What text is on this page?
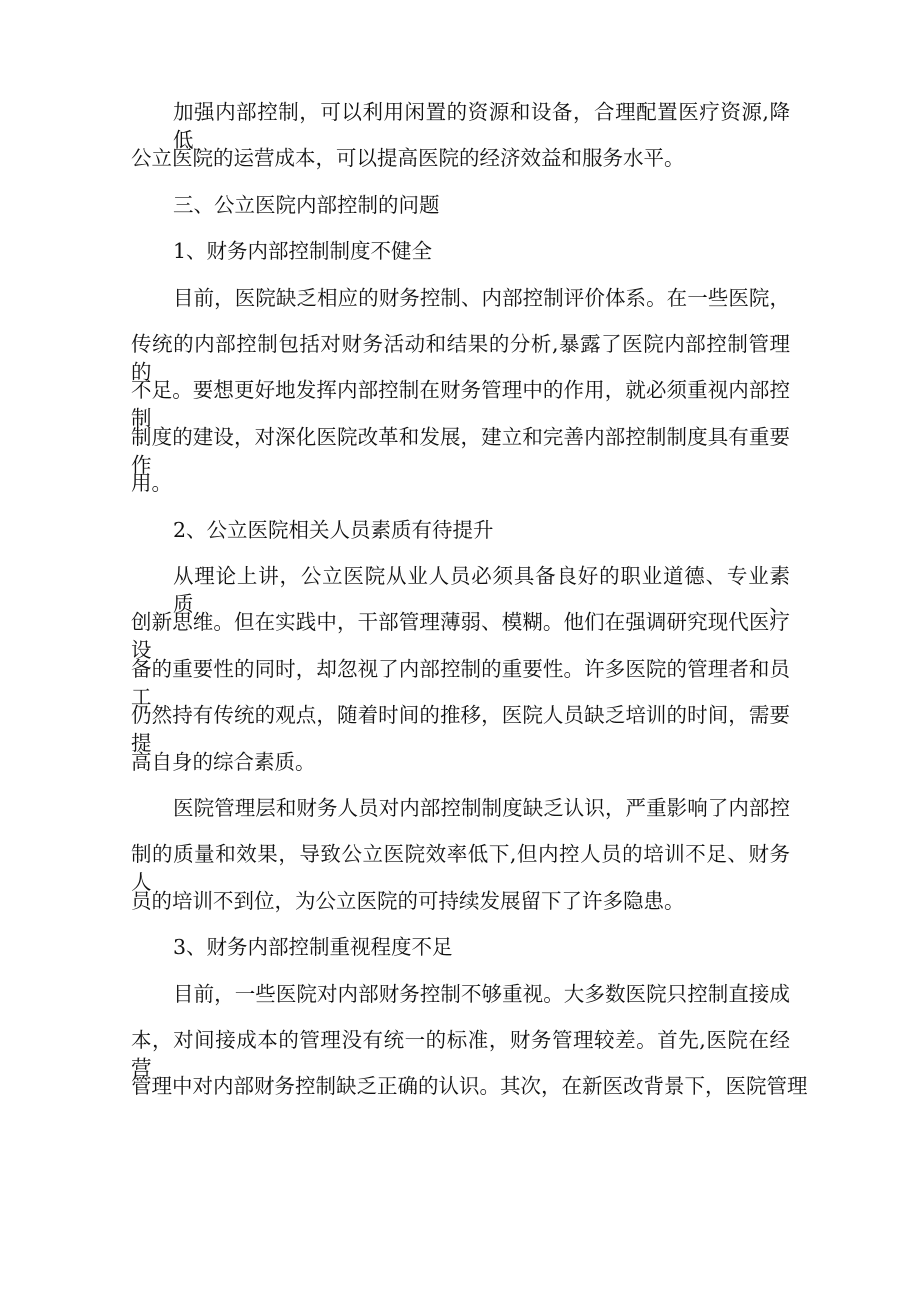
加强内部控制，可以利用闲置的资源和设备，合理配置医疗资源,降低
公立医院的运营成本，可以提高医院的经济效益和服务水平。
三、公立医院内部控制的问题
1、财务内部控制制度不健全
目前，医院缺乏相应的财务控制、内部控制评价体系。在一些医院，
传统的内部控制包括对财务活动和结果的分析,暴露了医院内部控制管理的
不足。要想更好地发挥内部控制在财务管理中的作用，就必须重视内部控制
制度的建设，对深化医院改革和发展，建立和完善内部控制制度具有重要作
用。
2、公立医院相关人员素质有待提升
从理论上讲，公立医院从业人员必须具备良好的职业道德、专业素质、
创新思维。但在实践中，干部管理薄弱、模糊。他们在强调研究现代医疗设
备的重要性的同时，却忽视了内部控制的重要性。许多医院的管理者和员工
仍然持有传统的观点，随着时间的推移，医院人员缺乏培训的时间，需要提
高自身的综合素质。
医院管理层和财务人员对内部控制制度缺乏认识，严重影响了内部控
制的质量和效果，导致公立医院效率低下,但内控人员的培训不足、财务人
员的培训不到位，为公立医院的可持续发展留下了许多隐患。
3、财务内部控制重视程度不足
目前，一些医院对内部财务控制不够重视。大多数医院只控制直接成
本，对间接成本的管理没有统一的标准，财务管理较差。首先,医院在经营
管理中对内部财务控制缺乏正确的认识。其次，在新医改背景下，医院管理
